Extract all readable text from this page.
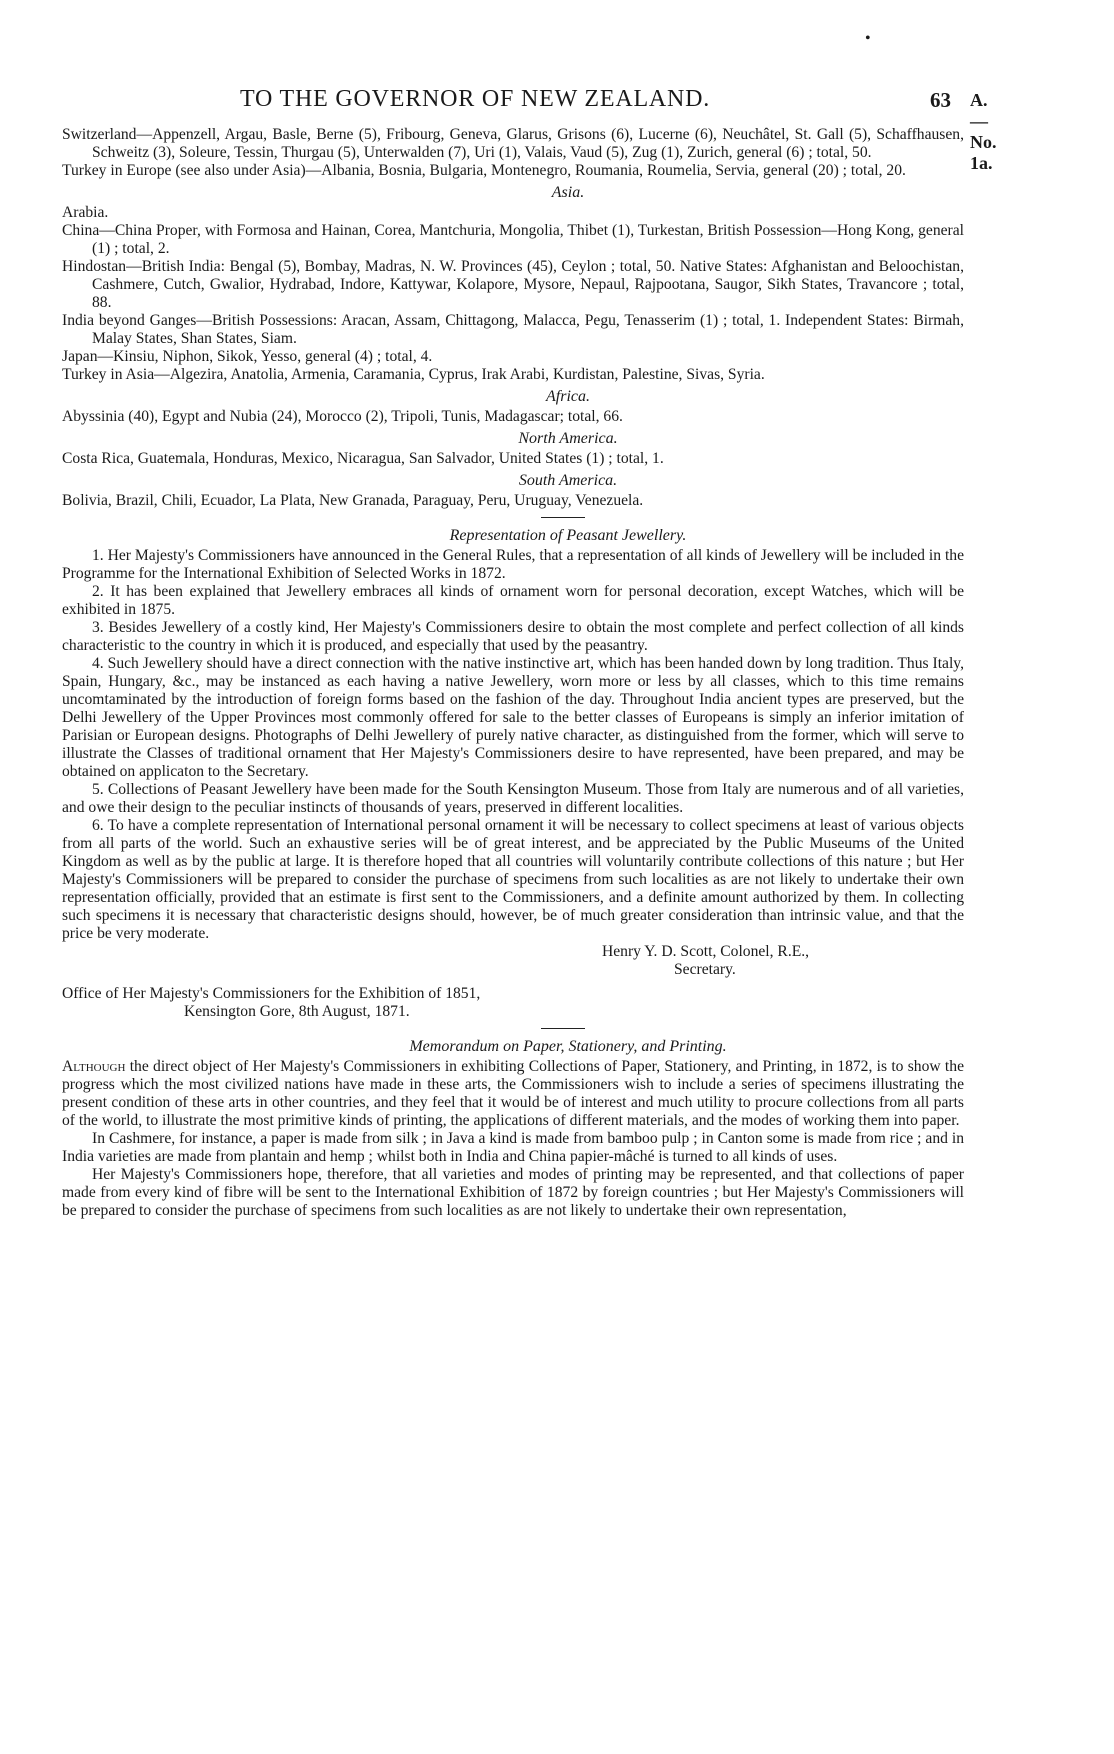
•
TO THE GOVERNOR OF NEW ZEALAND.	63 A.—No. 1a.

Switzerland—Appenzell, Argau, Basle, Berne (5), Fribourg, Geneva, Glarus, Grisons (6), Lucerne (6), Neuchâtel, St. Gall (5), Schaffhausen, Schweitz (3), Soleure, Tessin, Thurgau (5), Unterwalden (7), Uri (1), Valais, Vaud (5), Zug (1), Zurich, general (6) ; total, 50.

Turkey in Europe (see also under Asia)—Albania, Bosnia, Bulgaria, Montenegro, Roumania, Roumelia, Servia, general (20) ; total, 20.

Asia.

Arabia.

China—China Proper, with Formosa and Hainan, Corea, Mantchuria, Mongolia, Thibet (1), Turkestan, British Possession—Hong Kong, general (1) ; total, 2.

Hindostan—British India: Bengal (5), Bombay, Madras, N. W. Provinces (45), Ceylon ; total, 50. Native States: Afghanistan and Beloochistan, Cashmere, Cutch, Gwalior, Hydrabad, Indore, Kattywar, Kolapore, Mysore, Nepaul, Rajpootana, Saugor, Sikh States, Travancore ; total, 88.

India beyond Ganges—British Possessions: Aracan, Assam, Chittagong, Malacca, Pegu, Tenasserim (1) ; total, 1. Independent States: Birmah, Malay States, Shan States, Siam.

Japan—Kinsiu, Niphon, Sikok, Yesso, general (4) ; total, 4.

Turkey in Asia—Algezira, Anatolia, Armenia, Caramania, Cyprus, Irak Arabi, Kurdistan, Palestine, Sivas, Syria.

Africa.

Abyssinia (40), Egypt and Nubia (24), Morocco (2), Tripoli, Tunis, Madagascar; total, 66.

North America.

Costa Rica, Guatemala, Honduras, Mexico, Nicaragua, San Salvador, United States (1) ; total, 1.

South America.

Bolivia, Brazil, Chili, Ecuador, La Plata, New Granada, Paraguay, Peru, Uruguay, Venezuela.

Representation of Peasant Jewellery.

1. Her Majesty's Commissioners have announced in the General Rules, that a representation of all kinds of Jewellery will be included in the Programme for the International Exhibition of Selected Works in 1872.

2. It has been explained that Jewellery embraces all kinds of ornament worn for personal decoration, except Watches, which will be exhibited in 1875.

3. Besides Jewellery of a costly kind, Her Majesty's Commissioners desire to obtain the most complete and perfect collection of all kinds characteristic to the country in which it is produced, and especially that used by the peasantry.

4. Such Jewellery should have a direct connection with the native instinctive art, which has been handed down by long tradition. Thus Italy, Spain, Hungary, &c., may be instanced as each having a native Jewellery, worn more or less by all classes, which to this time remains uncomtaminated by the introduction of foreign forms based on the fashion of the day. Throughout India ancient types are preserved, but the Delhi Jewellery of the Upper Provinces most commonly offered for sale to the better classes of Europeans is simply an inferior imitation of Parisian or European designs. Photographs of Delhi Jewellery of purely native character, as distinguished from the former, which will serve to illustrate the Classes of traditional ornament that Her Majesty's Commissioners desire to have represented, have been prepared, and may be obtained on applicaton to the Secretary.

5. Collections of Peasant Jewellery have been made for the South Kensington Museum. Those from Italy are numerous and of all varieties, and owe their design to the peculiar instincts of thousands of years, preserved in different localities.

6. To have a complete representation of International personal ornament it will be necessary to collect specimens at least of various objects from all parts of the world. Such an exhaustive series will be of great interest, and be appreciated by the Public Museums of the United Kingdom as well as by the public at large. It is therefore hoped that all countries will voluntarily contribute collections of this nature ; but Her Majesty's Commissioners will be prepared to consider the purchase of specimens from such localities as are not likely to undertake their own representation officially, provided that an estimate is first sent to the Commissioners, and a definite amount authorized by them. In collecting such specimens it is necessary that characteristic designs should, however, be of much greater consideration than intrinsic value, and that the price be very moderate.

Henry Y. D. Scott, Colonel, R.E.,

Secretary.

Office of Her Majesty's Commissioners for the Exhibition of 1851,

Kensington Gore, 8th August, 1871.

Memorandum on Paper, Stationery, and Printing.

Although the direct object of Her Majesty's Commissioners in exhibiting Collections of Paper, Stationery, and Printing, in 1872, is to show the progress which the most civilized nations have made in these arts, the Commissioners wish to include a series of specimens illustrating the present condition of these arts in other countries, and they feel that it would be of interest and much utility to procure collections from all parts of the world, to illustrate the most primitive kinds of printing, the applications of different materials, and the modes of working them into paper.

In Cashmere, for instance, a paper is made from silk ; in Java a kind is made from bamboo pulp ; in Canton some is made from rice ; and in India varieties are made from plantain and hemp ; whilst both in India and China papier-mâché is turned to all kinds of uses.

Her Majesty's Commissioners hope, therefore, that all varieties and modes of printing may be represented, and that collections of paper made from every kind of fibre will be sent to the International Exhibition of 1872 by foreign countries ; but Her Majesty's Commissioners will be prepared to consider the purchase of specimens from such localities as are not likely to undertake their own representation,
